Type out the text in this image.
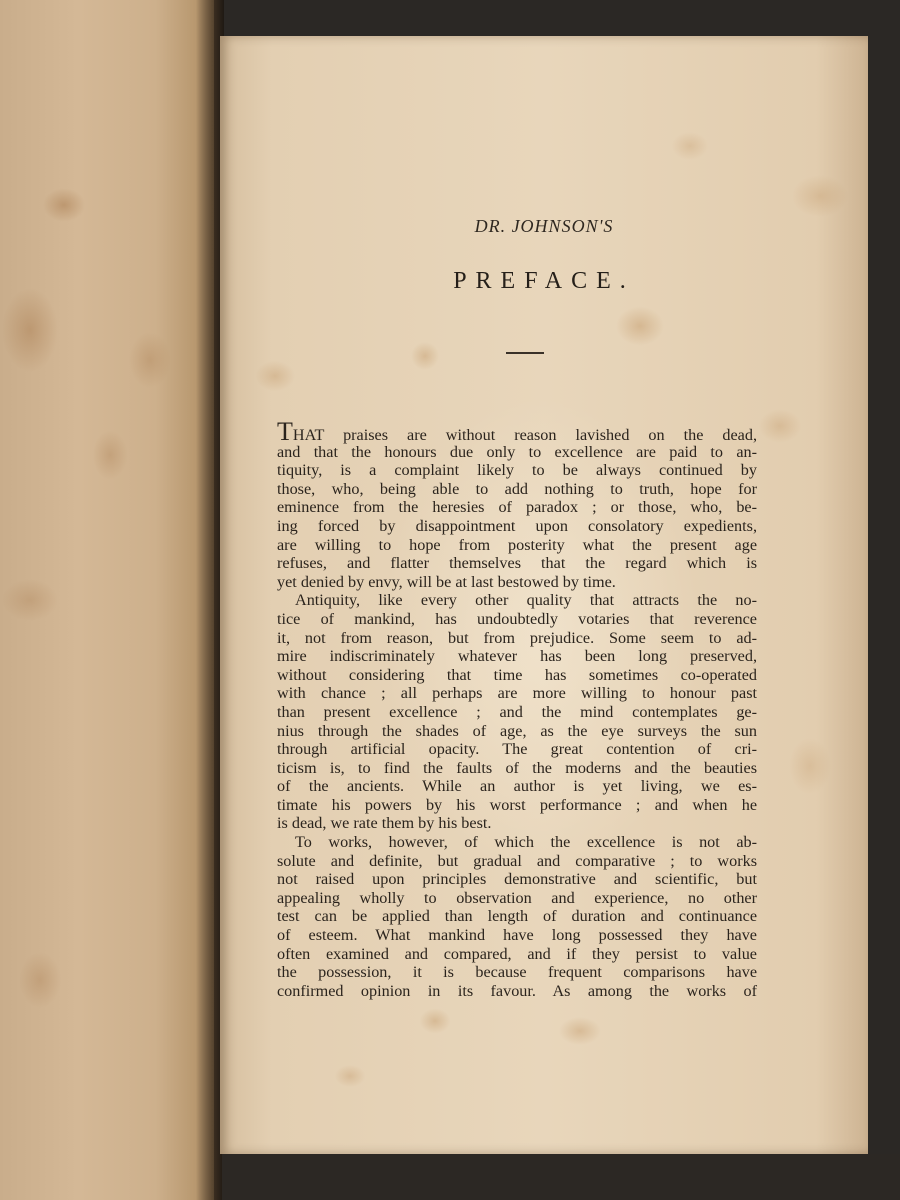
DR. JOHNSON'S
PREFACE.
THAT praises are without reason lavished on the dead,
and that the honours due only to excellence are paid to an-
tiquity, is a complaint likely to be always continued by
those, who, being able to add nothing to truth, hope for
eminence from the heresies of paradox ; or those, who, be-
ing forced by disappointment upon consolatory expedients,
are willing to hope from posterity what the present age
refuses, and flatter themselves that the regard which is
yet denied by envy, will be at last bestowed by time.
Antiquity, like every other quality that attracts the no-
tice of mankind, has undoubtedly votaries that reverence
it, not from reason, but from prejudice. Some seem to ad-
mire indiscriminately whatever has been long preserved,
without considering that time has sometimes co-operated
with chance ; all perhaps are more willing to honour past
than present excellence ; and the mind contemplates ge-
nius through the shades of age, as the eye surveys the sun
through artificial opacity. The great contention of cri-
ticism is, to find the faults of the moderns and the beauties
of the ancients. While an author is yet living, we es-
timate his powers by his worst performance ; and when he
is dead, we rate them by his best.
To works, however, of which the excellence is not ab-
solute and definite, but gradual and comparative ; to works
not raised upon principles demonstrative and scientific, but
appealing wholly to observation and experience, no other
test can be applied than length of duration and continuance
of esteem. What mankind have long possessed they have
often examined and compared, and if they persist to value
the possession, it is because frequent comparisons have
confirmed opinion in its favour. As among the works of
